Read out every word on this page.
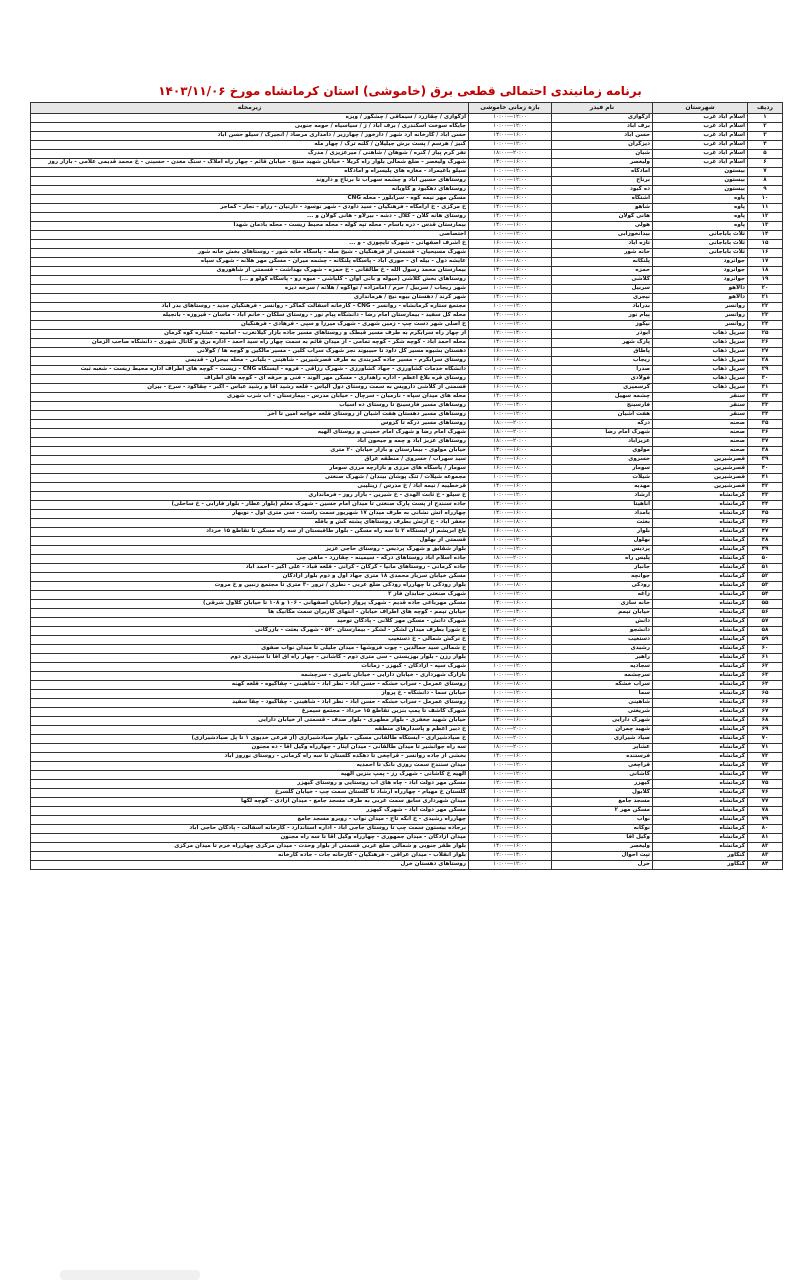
برنامه زمانبندی احتمالی قطعی برق (خاموشی) استان کرمانشاه مورخ ۱۴۰۳/۱۱/۰۶
ردیف	شهرستان	نام فیدر	بازه زمانی خاموشی	زیرمحله
۱	اسلام آباد غرب	ازگوازی	۱۰:۰۰---۱۲:۰۰	ازگوازی / چقازرد / سیماقی / چشگور / ویزه
۲	اسلام آباد غرب	برف آباد	۱۰:۰۰---۱۲:۰۰	جایگاه سوخت اسکندری / برف آباد / ژ / سیاسیاه / حومه جنوبی
۳	اسلام آباد غرب	حسن آباد	۱۴:۰۰---۱۶:۰۰	حسن آباد / کارخانه آرد شهر / دارخور / چهارزبر / دامداری مرصاد / انجیرک / سیلو حسن آباد
۴	اسلام آباد غرب	دیزگران	۱۰:۰۰---۱۲:۰۰	کنیز / هرسم / پست برش جیلیلان / کلنه ترک / چهار مله
۵	اسلام آباد غرب	شیان	۱۸:۰۰---۲۰:۰۰	تفر کرم پیاز / کنره / شوهان / شاهنی / میرعزیزی / مدرک
۶	اسلام آباد غرب	ولیعصر	۱۴:۰۰---۱۶:۰۰	شهرک ولیعصر - ضلع شمالی بلوار راه کربلا - خیابان شهید منتج - خیابان قائم - چهار راه املاک - سنگ معدن - حسینی - خ محمد قدیمی علامی - بازار روز
۷	بیستون	آمادگاه	۱۰:۰۰---۱۲:۰۰	سیلو باغیمراد - مغازه های پلیسراه و آمادگاه
۸	بیستون	برناج	۱۰:۰۰---۱۲:۰۰	روستاهای حسین آباد و چشمه سهراب تا برناج و داروند
۹	بیستون	ده کبود	۱۰:۰۰---۱۲:۰۰	روستاهای دهکبود و کاویانه
۱۰	پاوه	آشتگاه	۱۴:۰۰---۱۶:۰۰	مسکن مهر نیمه کوه - سرابلور - محله CNG
۱۱	پاوه	شاهو	۱۴:۰۰---۱۶:۰۰	خ مرکزی - خ آرامگاه - فرهنگیان - سید داودی - شهر نوسود - دارنیان - رزآو - نجار - کماجر
۱۲	پاوه	هانی گولان	۱۴:۰۰---۱۶:۰۰	روستای هانه گلان - کلال - دشه - بیرلاو - هانی گولان و ...
۱۳	پاوه	هولی	۱۴:۰۰---۱۶:۰۰	بیمارستان قدس - دره باسام - محله تپه کوله - محله محیط زیست - محله بادمان شهدا
۱۴	ثلاث باباجانی	بیدانخوزابی	۱۰:۰۰---۱۲:۰۰	اختصاصی
۱۵	ثلاث باباجانی	تازه آباد	۱۶:۰۰---۱۸:۰۰	خ اشرف اصفهانی - شهرک تایچوزی - و ...
۱۶	ثلاث باباجانی	خانه شور	۱۶:۰۰---۱۸:۰۰	شهرک مسیحیان - قسمتی از فرهنگیان - شیخ صله - پاسگاه خانه شور - روستاهای بخش خانه شور
۱۷	جوانرود	پلنگانه	۱۶:۰۰---۱۸:۰۰	عایشه دول - بیله ای - حوری آباد - پاسگاه پلنگانه - چشمه میران - مسکن مهر هلانه - شهرک سپاه
۱۸	جوانرود	حمزه	۱۴:۰۰---۱۶:۰۰	بیمارستان محمد رسول الله - خ طالقانی - خ حمزه - شهرک بهداشت - قسمتی از شاهوروی
۱۹	جوانرود	کلاشی	۱۰:۰۰---۱۲:۰۰	روستاهای بخش کلاشی (میوله و بانی اوان - کلیاشی - میوه رو - پاسگاه کولو و ...)
۲۰	دالاهو	سربیل	۱۰:۰۰---۱۲:۰۰	شهر ریجاب / سربیل / حرم / امامزاده / تواکوه / هلانه / سرخه دیزه
۲۱	دالاهو	نیجری	۱۴:۰۰---۱۶:۰۰	شهر کرند / دهستان بیوه نیج / هرمانداری
۲۲	روانسر	بدرآباد	۱۰:۰۰---۱۲:۰۰	مجتمع ستاره کرمانشاه - روانسر - CNG - کارخانه آسفالت کماکر - روانسر - فرهنگیان جدید - روستاهای بدر آباد
۲۳	روانسر	پیام نور	۱۴:۰۰---۱۶:۰۰	محله کل سفید - بیمارستان امام رضا - دانشگاه پیام نور - روستای سلکان - خانم آباد - ماسان - قیروزه - بانجیله
۲۴	روانسر	نیکوز	۱۰:۰۰---۱۲:۰۰	خ اصلی شهر دست چپ - زمین شهری - شهرک میرزا و سپی - فرهادی - فرهنگیان
۲۵	سرپل ذهاب	ابوذر	۱۲:۰۰---۱۴:۰۰	از چهار راه سرابگرم به طرف مسیر قبطک و روستاهای مسیر جاده بازار گیلانغرب - امامیه - عشاره کوه کرمان
۲۶	سرپل ذهاب	پارک شهر	۱۴:۰۰---۱۶:۰۰	محله احمد آباد - کوچه شکر - کوچه تمامی - از میدان قائم به سمت چهار راه سید احمد - اداره برق و کانال شهری - دانشگاه صاحب الزمان
۲۷	سرپل ذهاب	پاطاق	۱۶:۰۰---۱۸:۰۰	دهستان بشیوه مسیر کل داود تا حبیبوند نجر شهرک سراب کلین - مسیر مالکین و گوچه ها / گولانی
۲۸	سرپل ذهاب	ریجاب	۱۶:۰۰---۱۸:۰۰	روستای سرابگرم - مسیر جاده کمربندی به طرف قصرشیرین - شاهینی - بلیانی - محله بیحران - قدیمی
۲۹	سرپل ذهاب	صدرا	۱۰:۰۰---۱۲:۰۰	دانشگاه خدمات کشاورزی - جهاد کشاورزی - شهرک رزاقی - فروه - ایستگاه CNG - زیست - کوچه های اطراف اداره محیط زیست - شعبه ثبت
۳۰	سرپل ذهاب	فولادی	۱۲:۰۰---۱۴:۰۰	روستای قره بلاغ اعظم - اداره راهداری - مسکن مهر الوند - فنی و حرفه ای - کوچه های اطراف
۳۱	سرپل ذهاب	کرسمیری	۱۶:۰۰---۱۸:۰۰	قسمتی از کلاشی داروپس به سمت روستای دول الیاس - قلعه رشید آقا و رشید عباس - اکبر - چقاکود - سرخ - بیران
۳۲	سنقر	چشمه سهیل	۱۴:۰۰---۱۶:۰۰	محله های میدان سپاه - نارمیان - سرچال - خیابان مدرس - بیمارستان - اب شرب شهری
۳۳	سنقر	فارسینج	۱۲:۰۰---۱۴:۰۰	روستاهای مسیر فارسینج تا روستای ده اسیاب
۳۴	سنقر	هفت آشیان	۱۰:۰۰---۱۲:۰۰	روستاهای مسیر دهستان هفت اشیان از روستای قلعه خواجه امین تا آخر
۳۵	صحنه	درکه	۱۸:۰۰---۲۰:۰۰	روستاهای مسیر درکه تا کروس
۳۶	صحنه	شهرک امام رضا	۱۸:۰۰---۲۰:۰۰	شهرک امام رضا و شهرک امام خمینی و روستای الهیه
۳۷	صحنه	عزیزآباد	۱۸:۰۰---۲۰:۰۰	روستاهای عزیز اباد و چمه و جیحون اباد
۳۸	صحنه	مولوی	۱۴:۰۰---۱۶:۰۰	خیابان مولوی - بیمارستان و بازار خیابان ۲۰ متری
۳۹	قصرشیرین	خسروی	۱۴:۰۰---۱۶:۰۰	سید سهراب / خسروی / منطقه عراق
۴۰	قصرشیرین	سومار	۱۶:۰۰---۱۸:۰۰	سومار / پاسگاه های مرزی و بازارچه مرزی سومار
۴۱	قصرشیرین	شیلات	۱۰:۰۰---۱۲:۰۰	مجموعه شیلات / تنگ پوشان بیندان / شهرک صنعتی
۴۲	قصرشیرین	مهدیه	۱۴:۰۰---۱۶:۰۰	قرخطیبه / نیمه آباد / خ مدرس / زینلیبی
۴۳	کرمانشاه	ارشاد	۱۰:۰۰---۱۲:۰۰	خ سیلو - خ ثابت الهدی - خ شیرین - بازار روز - فرمانداری
۴۴	کرمانشاه	آناهیتا	۱۴:۰۰---۱۶:۰۰	جاده سنندج از پست پارک صنعتی تا میدان امام حسین - شهرک معلم (بلوار عطار - بلوار فارابی - خ ساحلی)
۴۵	کرمانشاه	بامداد	۱۴:۰۰---۱۶:۰۰	چهارراه آتش نشانی به طرف میدان ۱۷ شهریور سمت راست - سی متری اول - نوبهار
۴۶	کرمانشاه	بعثت	۱۶:۰۰---۱۸:۰۰	جعفر آباد - خ ارتش بطرف روستاهای پشته کش و بافله
۴۷	کرمانشاه	بلوار	۱۶:۰۰---۱۸:۰۰	باغ ابریشم از ایستگاه ۲ تا سه راه مسکن - بلوار طاقبستان از سه راه مسکن تا تقاطع ۱۵ خرداد
۴۸	کرمانشاه	بهلول	۱۰:۰۰---۱۲:۰۰	قسمتی از بهلول
۴۹	کرمانشاه	پردیس	۱۰:۰۰---۱۲:۰۰	بلوار شقایق و شهرک پردیس - روستای حاجی عزیز
۵۰	کرمانشاه	پلیس راه	۱۸:۰۰---۲۰:۰۰	جاده اسلام آباد روستاهای درکه - سیمینه - چقازرد - ماهی چی
۵۱	کرمانشاه	جانباز	۱۴:۰۰---۱۶:۰۰	جاده کرمانی - روستاهای مانیا - کرکان - کرانی - قلعه قباد - علی اکبر - احمد آباد
۵۲	کرمانشاه	جوانچه	۱۰:۰۰---۱۲:۰۰	مسکن خیابان سرباز محمدی ۱۸ متری جهاد اول و دوم بلوار آزادگان
۵۳	کرمانشاه	رودکی	۱۶:۰۰---۱۸:۰۰	بلوار رودکی تا چهارراه رودکی ضلع غربی - نظری / ترور ۳۰ متری تا مجتمع زنبین و خ مروت
۵۴	کرمانشاه	زاغه	۱۰:۰۰---۱۲:۰۰	شهرک صنعتی جنابدان فاز ۲
۵۵	کرمانشاه	خانه سازی	۱۴:۰۰---۱۶:۰۰	مسکن مهرباغی جاده قدیم - شهرک پرواز (خیابان اصفهانی - ۱۰۶ و ۱۰۸ تا خیابان کلاول شرقی)
۵۶	کرمانشاه	خیابان تیمم	۱۲:۰۰---۱۴:۰۰	خیابان تیمم - کوچه های اطراف خیابان - انتهای کاربران سمت مکانیک ها
۵۷	کرمانشاه	دانش	۱۸:۰۰---۲۰:۰۰	شهرک دانش - مسکن مهر کلانی - پادگان توحید
۵۸	کرمانشاه	دانشجو	۱۴:۰۰---۱۶:۰۰	خ شورا بطرف میدان لشکر - لشکر - بیمارستان ۵۲۰ - شهرک بعثت - بازرگانی
۵۹	کرمانشاه	دستغیب	۱۴:۰۰---۱۶:۰۰	خ ترکش شمالی - خ دستغیب
۶۰	کرمانشاه	رشیدی	۱۴:۰۰---۱۶:۰۰	خ شمالی سید جمالدین - چوب فروشها - میدان جلیلی تا میدان نواب صفوی
۶۱	کرمانشاه	راهبر	۱۶:۰۰---۱۸:۰۰	بلوار رزن - بلوار بهزیستی - سی متری دوم - کاشانی - چهار راه آق آقا تا سیندری دوم
۶۲	کرمانشاه	سجادیه	۱۰:۰۰---۱۲:۰۰	شهرک سپه - آزادگان - کیهزر - زمانات
۶۳	کرمانشاه	سرچشمه	۱۰:۰۰---۱۲:۰۰	بازارک شهرداری - خیابان دارایی - خیابان ناصری - سرچشمه
۶۴	کرمانشاه	سراب خشکه	۱۶:۰۰---۱۸:۰۰	روستای عمرمل - سراب خشکه - حسن آباد - نظر آباد - شاهینی - چقاگیوه - قلعه کهنه
۶۵	کرمانشاه	سما	۱۰:۰۰---۱۲:۰۰	خیابان سما - دانشگاه - خ پرواز
۶۶	کرمانشاه	شاهینی	۱۴:۰۰---۱۶:۰۰	روستای عمرمل - سراب خشکه - حسن آباد - نظر آباد - شاهینی - چقاکبود - چقا سفید
۶۷	کرمانشاه	شریعتی	۱۴:۰۰---۱۶:۰۰	شهرک کاشف تا پمپ بنزین تقاطع ۱۵ خرداد - مجتمع سیمرغ
۶۸	کرمانشاه	شهرک دارایی	۱۴:۰۰---۱۶:۰۰	خیابان شهید جعفری - بلوار مطهری - بلوار صدف - قسمتی از خیابان دارایی
۶۹	کرمانشاه	شهید چمران	۱۸:۰۰---۲۰:۰۰	خ دبیر اعظم و پاسدارهای منطقه
۷۰	کرمانشاه	صیاد شیرازی	۱۸:۰۰---۲۰:۰۰	خ صیادشیرازی - ایستگاه طالقانی مسکن - بلوار صیادشیرازی (از فرعی خدیوی ۱ تا پل صیادشیرازی)
۷۱	کرمانشاه	عشایر	۱۸:۰۰---۲۰:۰۰	سه راه جوانشیر تا میدان طالقانی - میدان ایثار - چهارراه وکیل آقا - ده مجنون
۷۲	کرمانشاه	فرستنده	۱۴:۰۰---۱۶:۰۰	بخشی از جاده روانسر - قراچغی تا دهکده گلستان تا سه راه کرمانی - روستای نوروز آباد
۷۳	کرمانشاه	قراچغی	۱۰:۰۰---۱۲:۰۰	میدان سنندج سمت روزی نانگ تا احمدیه
۷۴	کرمانشاه	کاشانی	۱۰:۰۰---۱۲:۰۰	الهیه خ کاشانی - شهرک رز - پمپ بنزین الهیه
۷۵	کرمانشاه	کیهزر	۱۲:۰۰---۱۴:۰۰	مسکن مهر دولت آباد - چاه های آب روستایی و روستای کیهزر
۷۶	کرمانشاه	گلابول	۱۰:۰۰---۱۲:۰۰	گلستان خ مهیام - چهارراه ارشاد تا گلستان سمت چپ - خیابان گلسرخ
۷۷	کرمانشاه	مسجد جامع	۱۶:۰۰---۱۸:۰۰	میدان شهرداری سابق سمت غربی به طرف مسجد جامع - میدان آزادی - کوچه لکها
۷۸	کرمانشاه	مسکن مهر ۲	۱۰:۰۰---۱۲:۰۰	مسکن مهر دولت آباد - شهرک کیهزر
۷۹	کرمانشاه	نواب	۱۴:۰۰---۱۶:۰۰	چهارراه رشیدی - خ انکه تاج - میدان نواب - روبرو مسجد جامع
۸۰	کرمانشاه	نوکانه	۱۴:۰۰---۱۶:۰۰	برجاده بیستون سمت چپ تا روستای جاجی آباد - اداره استاندارد - کارخانه آسفالت - پادگان حاجی آباد
۸۱	کرمانشاه	وکیل آقا	۱۰:۰۰---۱۲:۰۰	میدان آزادگان - میدان جمهوری - چهارراه وکیل آقا تا سه راه مجنون
۸۲	کرمانشاه	ولیعصر	۱۴:۰۰---۱۶:۰۰	بلوار ظفر جنوبی و شمالی ضلع غربی قسمتی از بلوار وحدت - میدان مرکزی چهارراه خرم تا میدان مرکزی
۸۳	کنگاور	تپت احوال	۱۲:۰۰---۱۴:۰۰	بلوار انقلاب - میدان عراقی - فرهنگیان - کارخانه جات - جاده کارخانه
۸۴	کنگاور	خرل	۱۰:۰۰---۱۲:۰۰	روستاهای دهستان خرل
